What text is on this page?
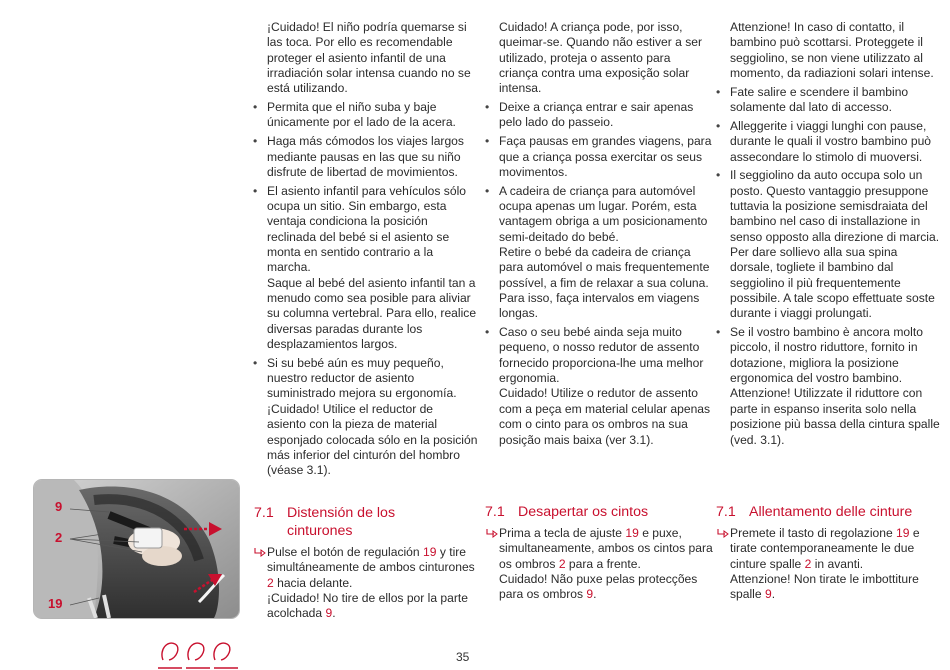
¡Cuidado! El niño podría quemarse si
las toca. Por ello es recomendable
proteger el asiento infantil de una
irradiación solar intensa cuando no se
está utilizando.

• Permita que el niño suba y baje
únicamente por el lado de la acera.
• Haga más cómodos los viajes largos
mediante pausas en las que su niño
disfrute de libertad de movimientos.
• El asiento infantil para vehículos sólo
ocupa un sitio. Sin embargo, esta
ventaja condiciona la posición
reclinada del bebé si el asiento se
monta en sentido contrario a la
marcha.
Saque al bebé del asiento infantil tan a
menudo como sea posible para aliviar
su columna vertebral. Para ello, realice
diversas paradas durante los
desplazamientos largos.
• Si su bebé aún es muy pequeño,
nuestro reductor de asiento
suministrado mejora su ergonomía.
¡Cuidado! Utilice el reductor de
asiento con la pieza de material
esponjado colocada sólo en la posición
más inferior del cinturón del hombro
(véase 3.1).

Cuidado! A criança pode, por isso,
queimar-se. Quando não estiver a ser
utilizado, proteja o assento para
criança contra uma exposição solar
intensa.

• Deixe a criança entrar e sair apenas
pelo lado do passeio.
• Faça pausas em grandes viagens, para
que a criança possa exercitar os seus
movimentos.
• A cadeira de criança para automóvel
ocupa apenas um lugar. Porém, esta
vantagem obriga a um posicionamento
semi-deitado do bebé.
Retire o bebé da cadeira de criança
para automóvel o mais frequentemente
possível, a fim de relaxar a sua coluna.
Para isso, faça intervalos em viagens
longas.
• Caso o seu bebé ainda seja muito
pequeno, o nosso redutor de assento
fornecido proporciona-lhe uma melhor
ergonomia.
Cuidado! Utilize o redutor de assento
com a peça em material celular apenas
com o cinto para os ombros na sua
posição mais baixa (ver 3.1).

Attenzione! In caso di contatto, il
bambino può scottarsi. Proteggete il
seggiolino, se non viene utilizzato al
momento, da radiazioni solari intense.

• Fate salire e scendere il bambino
solamente dal lato di accesso.
• Alleggerite i viaggi lunghi con pause,
durante le quali il vostro bambino può
assecondare lo stimolo di muoversi.
• Il seggiolino da auto occupa solo un
posto. Questo vantaggio presuppone
tuttavia la posizione semisdraiata del
bambino nel caso di installazione in
senso opposto alla direzione di marcia.
Per dare sollievo alla sua spina
dorsale, togliete il bambino dal
seggiolino il più frequentemente
possibile. A tale scopo effettuate soste
durante i viaggi prolungati.
• Se il vostro bambino è ancora molto
piccolo, il nostro riduttore, fornito in
dotazione, migliora la posizione
ergonomica del vostro bambino.
Attenzione! Utilizzate il riduttore con
parte in espanso inserita solo nella
posizione più bassa della cintura spalle
(ved. 3.1).
9
2
19
7.1 Distensión de los
cinturones
7.1 Desapertar os cintos	7.1 Allentamento delle cinture

Pulse el botón de regulación 19 y tire simultáneamente de ambos cinturones 2 hacia delante.
¡Cuidado! No tire de ellos por la parte acolchada 9.

Prima a tecla de ajuste 19 e puxe, simultaneamente, ambos os cintos para os ombros 2 para a frente.
Cuidado! Não puxe pelas protecções para os ombros 9.

Premete il tasto di regolazione 19 e tirate contemporaneamente le due cinture spalle 2 in avanti.
Attenzione! Non tirate le imbottiture spalle 9.

35
